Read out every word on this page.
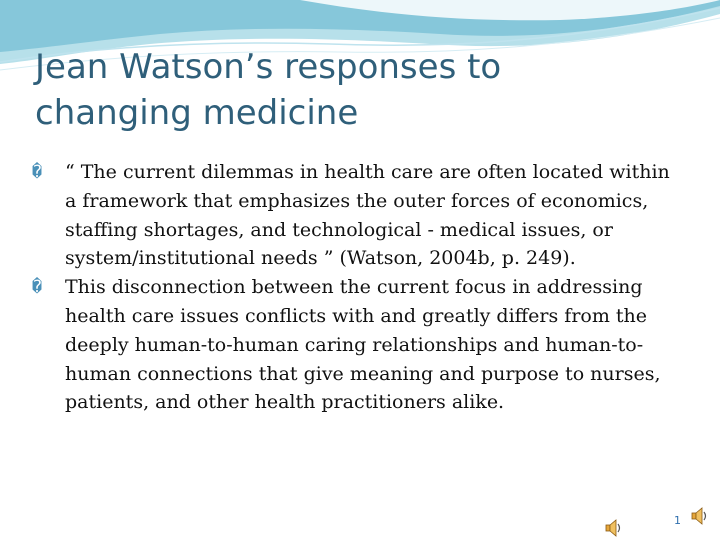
Jean Watson’s responses to
changing medicine

� “ The current dilemmas in health care are often located within a framework that emphasizes the outer forces of economics, staffing shortages, and technological - medical issues, or system/institutional needs ” (Watson, 2004b, p. 249).

� This disconnection between the current focus in addressing health care issues conflicts with and greatly differs from the deeply human-to-human caring relationships and human-to-human connections that give meaning and purpose to nurses, patients, and other health practitioners alike.

1
